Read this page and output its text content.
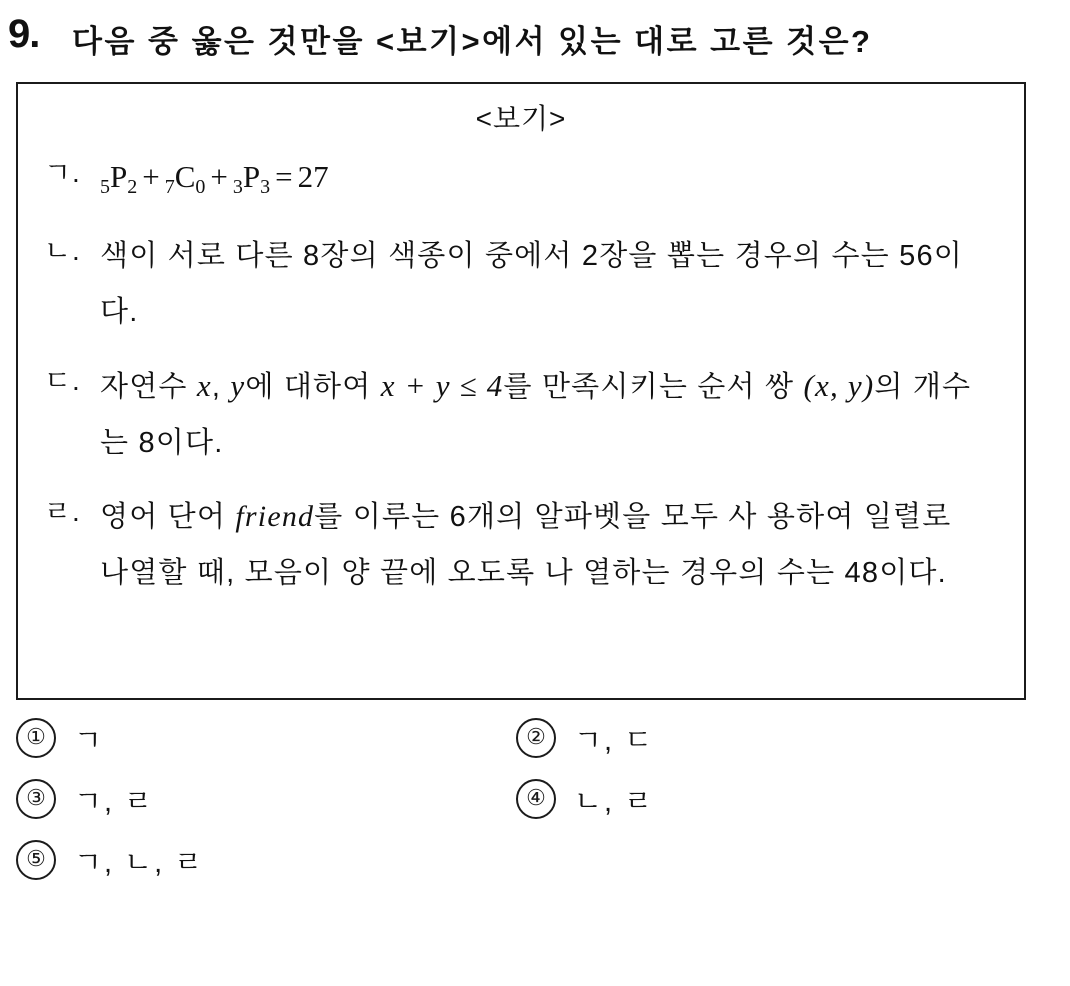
9.	다음 중 옳은 것만을 <보기>에서 있는 대로 고른 것은?
<보기>
ㄱ. 5P2 + 7C0 + 3P3 = 27
ㄴ. 색이 서로 다른 8장의 색종이 중에서 2장을 뽑는 경우의 수는 56이다.
ㄷ. 자연수 x, y에 대하여 x + y ≤ 4를 만족시키는 순서 쌍 (x, y)의 개수는 8이다.
ㄹ. 영어 단어 friend를 이루는 6개의 알파벳을 모두 사 용하여 일렬로 나열할 때, 모음이 양 끝에 오도록 나 열하는 경우의 수는 48이다.
① ㄱ	② ㄱ, ㄷ
③ ㄱ, ㄹ	④ ㄴ, ㄹ
⑤ ㄱ, ㄴ, ㄹ
